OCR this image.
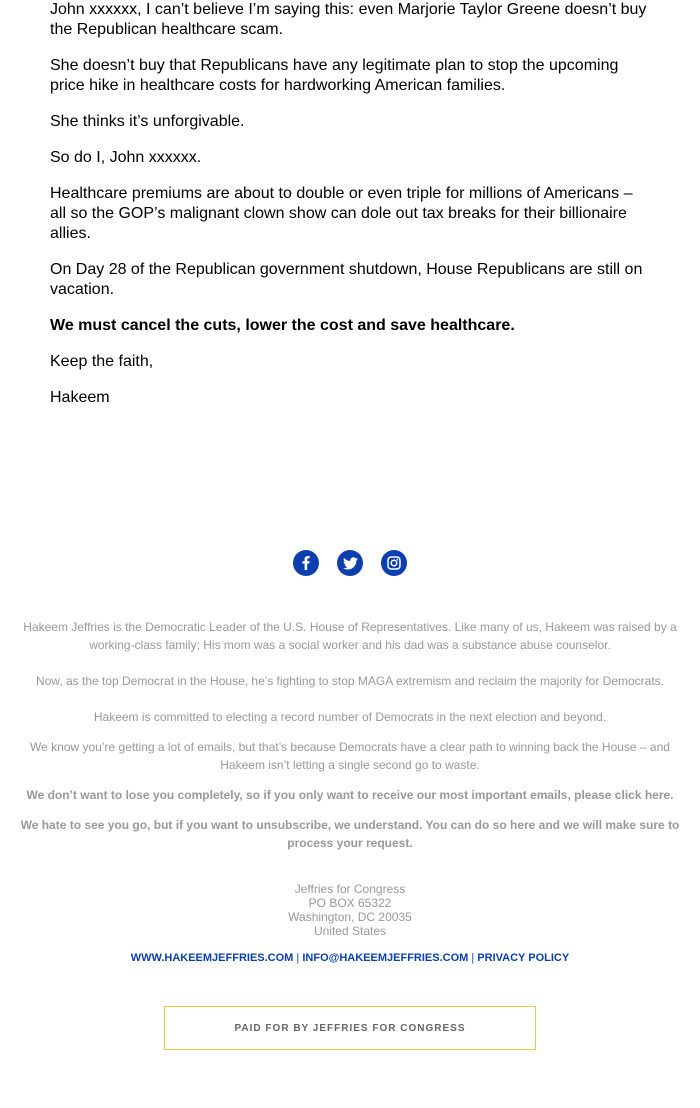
John xxxxxx, I can’t believe I’m saying this: even Marjorie Taylor Greene doesn’t buy the Republican healthcare scam.

She doesn’t buy that Republicans have any legitimate plan to stop the upcoming price hike in healthcare costs for hardworking American families.

She thinks it’s unforgivable.

So do I, John xxxxxx.

Healthcare premiums are about to double or even triple for millions of Americans – all so the GOP’s malignant clown show can dole out tax breaks for their billionaire allies.

On Day 28 of the Republican government shutdown, House Republicans are still on vacation.

We must cancel the cuts, lower the cost and save healthcare.

Keep the faith,

Hakeem

Hakeem Jeffries is the Democratic Leader of the U.S. House of Representatives. Like many of us, Hakeem was raised by a working-class family; His mom was a social worker and his dad was a substance abuse counselor.

Now, as the top Democrat in the House, he’s fighting to stop MAGA extremism and reclaim the majority for Democrats.

Hakeem is committed to electing a record number of Democrats in the next election and beyond.

We know you’re getting a lot of emails, but that’s because Democrats have a clear path to winning back the House – and Hakeem isn’t letting a single second go to waste.

We don’t want to lose you completely, so if you only want to receive our most important emails, please click here.
We hate to see you go, but if you want to unsubscribe, we understand. You can do so here and we will make sure to process your request.
Jeffries for Congress
PO BOX 65322
Washington, DC 20035
United States
WWW.HAKEEMJEFFRIES.COM | INFO@HAKEEMJEFFRIES.COM | PRIVACY POLICY
PAID FOR BY JEFFRIES FOR CONGRESS
